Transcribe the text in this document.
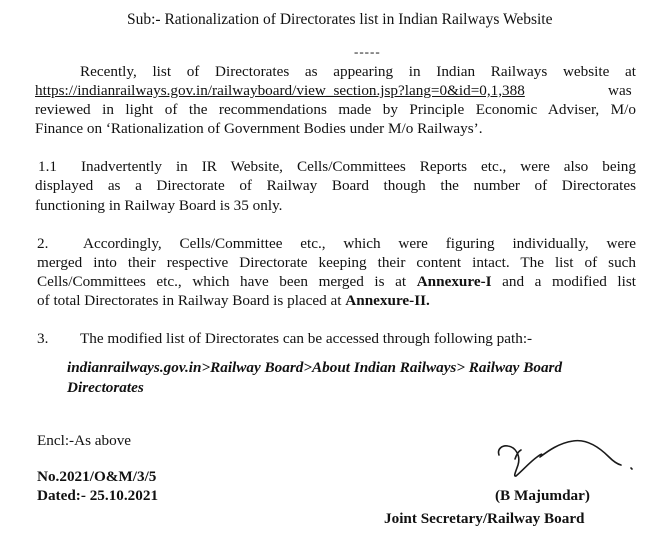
Sub:- Rationalization of Directorates list in Indian Railways Website
-----
Recently, list of Directorates as appearing in Indian Railways website at
https://indianrailways.gov.in/railwayboard/view_section.jsp?lang=0&id=0,1,388	was
reviewed in light of the recommendations made by Principle Economic Adviser, M/o
Finance on ‘Rationalization of Government Bodies under M/o Railways’.
1.1 Inadvertently in IR Website, Cells/Committees Reports etc., were also being
displayed as a Directorate of Railway Board though the number of Directorates
functioning in Railway Board is 35 only.
2. Accordingly, Cells/Committee etc., which were figuring individually, were
merged into their respective Directorate keeping their content intact. The list of such
Cells/Committees etc., which have been merged is at Annexure-I and a modified list
of total Directorates in Railway Board is placed at Annexure-II.
3. The modified list of Directorates can be accessed through following path:-
indianrailways.gov.in>Railway Board>About Indian Railways> Railway Board
Directorates
Encl:-As above
No.2021/O&M/3/5
Dated:- 25.10.2021	(B Majumdar)
Joint Secretary/Railway Board
